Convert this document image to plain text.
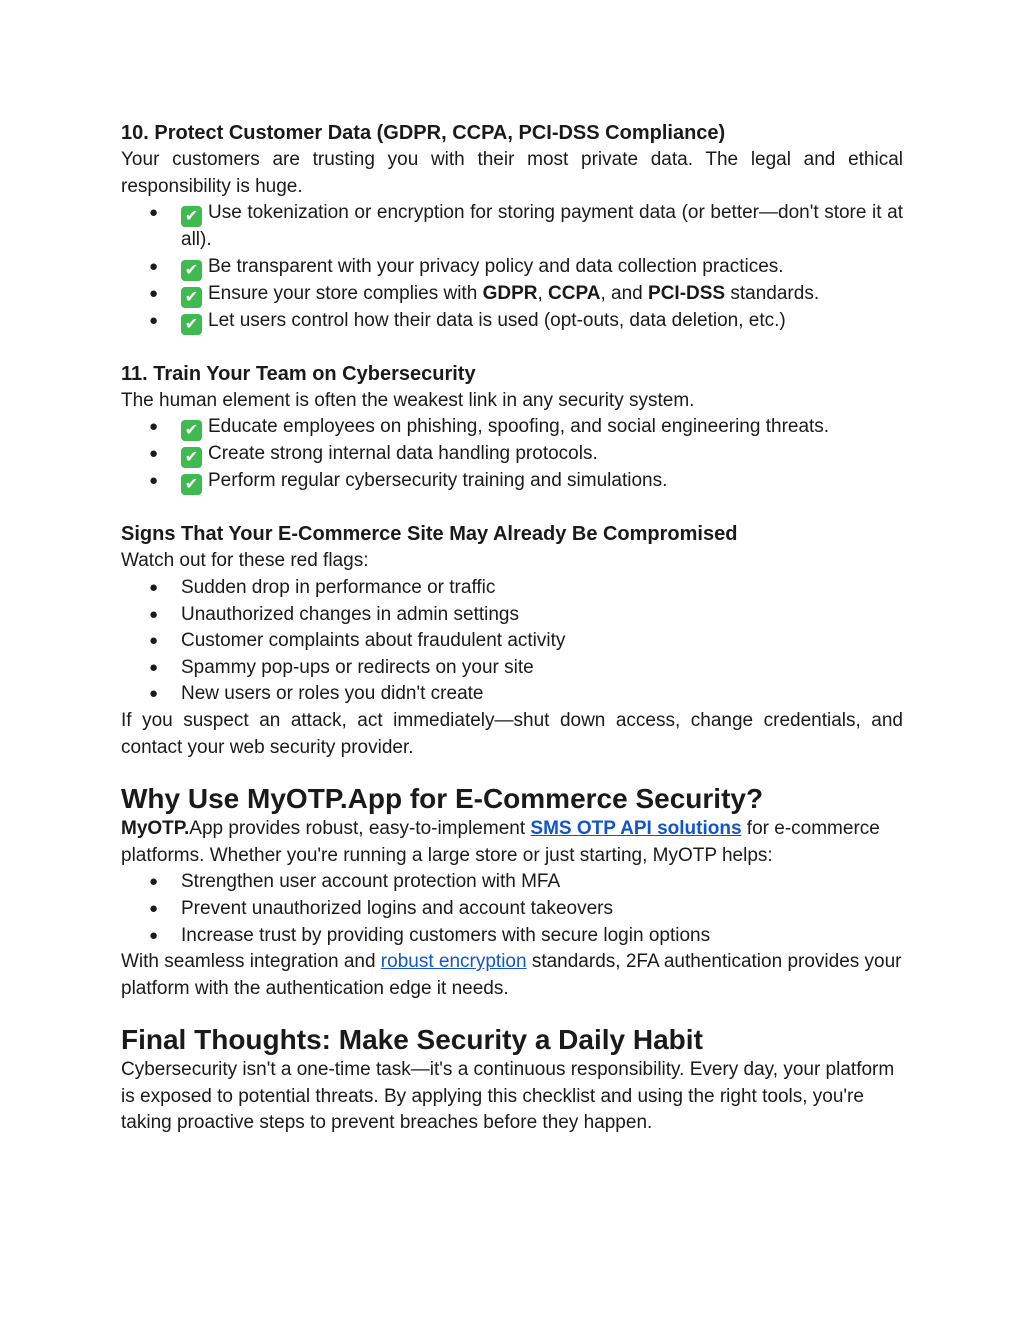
10. Protect Customer Data (GDPR, CCPA, PCI-DSS Compliance)

Your customers are trusting you with their most private data. The legal and ethical responsibility is huge.

● ✔ Use tokenization or encryption for storing payment data (or better—don't store it at all).
● ✔ Be transparent with your privacy policy and data collection practices.
● ✔ Ensure your store complies with GDPR, CCPA, and PCI-DSS standards.
● ✔ Let users control how their data is used (opt-outs, data deletion, etc.)

11. Train Your Team on Cybersecurity

The human element is often the weakest link in any security system.

● ✔ Educate employees on phishing, spoofing, and social engineering threats.
● ✔ Create strong internal data handling protocols.
● ✔ Perform regular cybersecurity training and simulations.

Signs That Your E-Commerce Site May Already Be Compromised

Watch out for these red flags:

● Sudden drop in performance or traffic
● Unauthorized changes in admin settings
● Customer complaints about fraudulent activity
● Spammy pop-ups or redirects on your site
● New users or roles you didn't create

If you suspect an attack, act immediately—shut down access, change credentials, and contact your web security provider.

Why Use MyOTP.App for E-Commerce Security?

MyOTP.App provides robust, easy-to-implement SMS OTP API solutions for e-commerce platforms. Whether you're running a large store or just starting, MyOTP helps:

● Strengthen user account protection with MFA
● Prevent unauthorized logins and account takeovers
● Increase trust by providing customers with secure login options

With seamless integration and robust encryption standards, 2FA authentication provides your platform with the authentication edge it needs.

Final Thoughts: Make Security a Daily Habit

Cybersecurity isn't a one-time task—it's a continuous responsibility. Every day, your platform is exposed to potential threats. By applying this checklist and using the right tools, you're taking proactive steps to prevent breaches before they happen.
